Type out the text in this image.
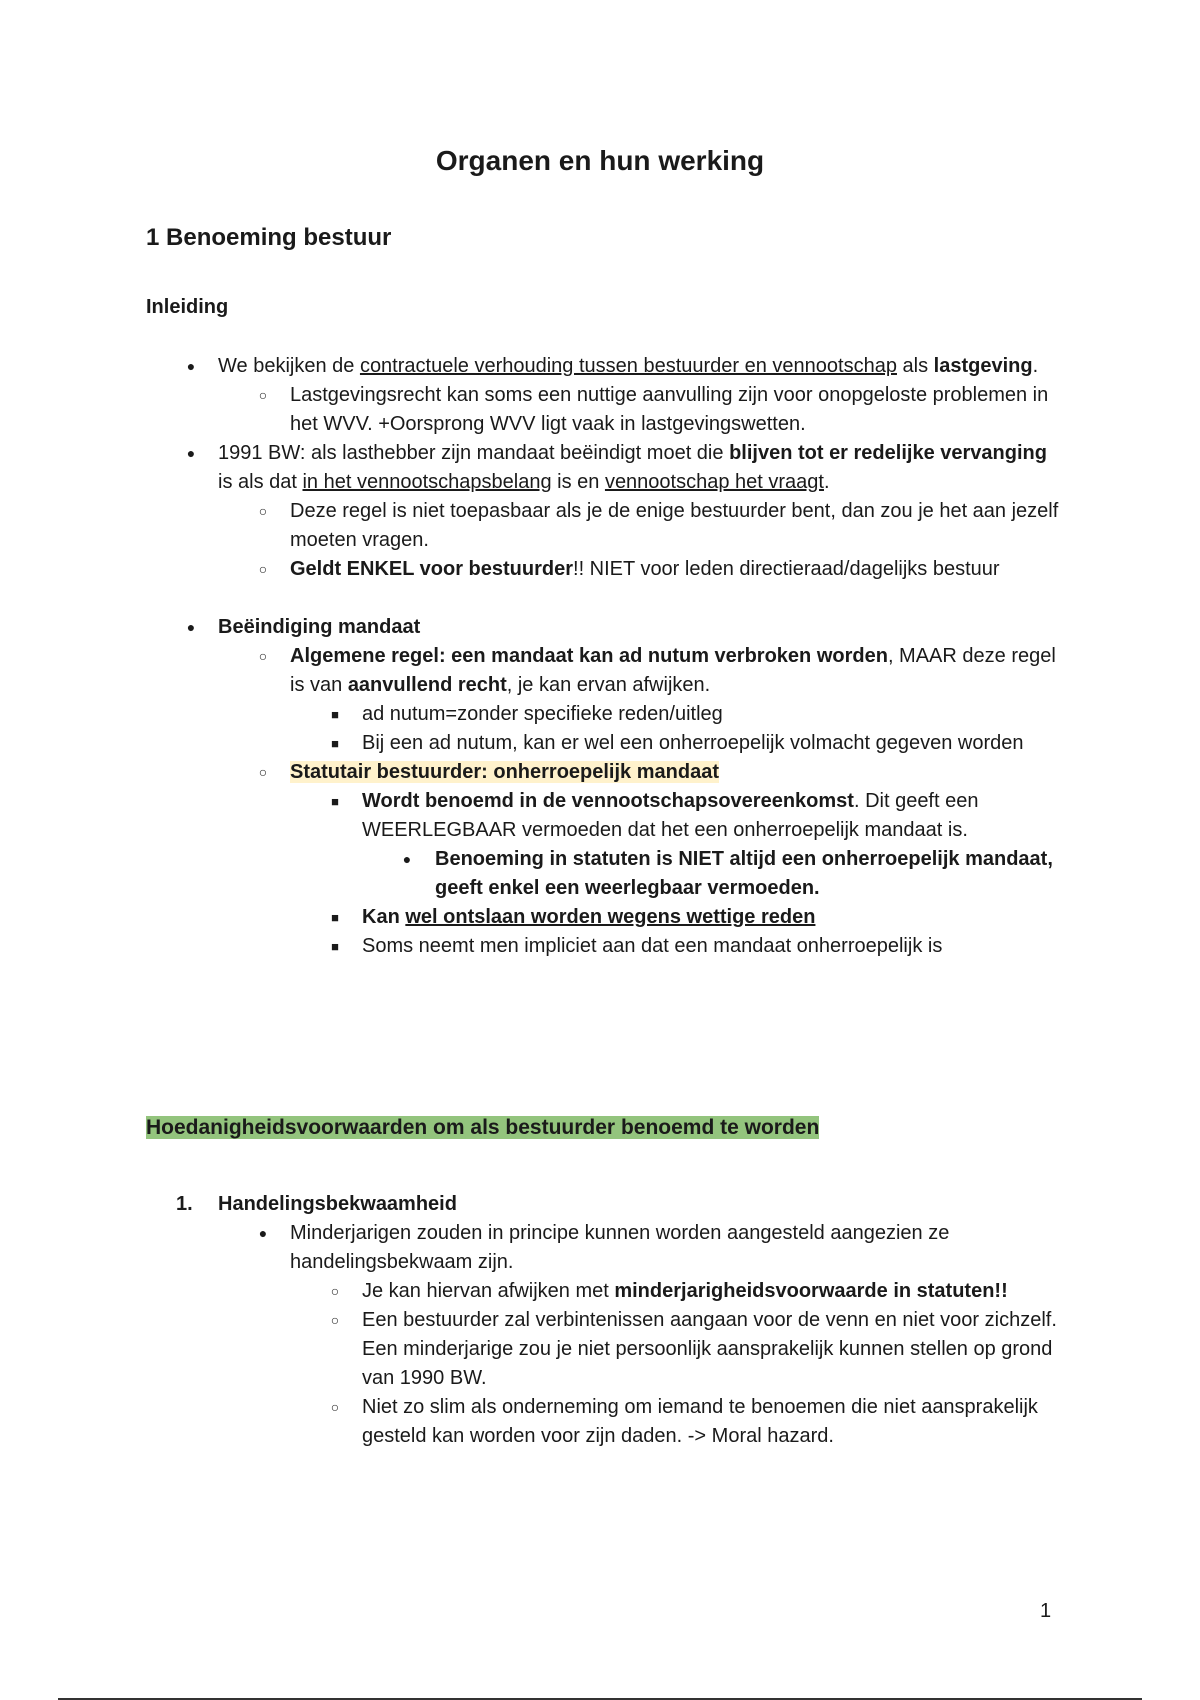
Organen en hun werking
1 Benoeming bestuur
Inleiding
●
We bekijken de contractuele verhouding tussen bestuurder en vennootschap als lastgeving.
○
Lastgevingsrecht kan soms een nuttige aanvulling zijn voor onopgeloste problemen in het WVV. +Oorsprong WVV ligt vaak in lastgevingswetten.
●
1991 BW: als lasthebber zijn mandaat beëindigt moet die blijven tot er redelijke vervanging is als dat in het vennootschapsbelang is en vennootschap het vraagt.
○
Deze regel is niet toepasbaar als je de enige bestuurder bent, dan zou je het aan jezelf moeten vragen.
○
Geldt ENKEL voor bestuurder!! NIET voor leden directieraad/dagelijks bestuur
●
Beëindiging mandaat
○
Algemene regel: een mandaat kan ad nutum verbroken worden, MAAR deze regel is van aanvullend recht, je kan ervan afwijken.
■
ad nutum=zonder specifieke reden/uitleg
■
Bij een ad nutum, kan er wel een onherroepelijk volmacht gegeven worden
○
Statutair bestuurder: onherroepelijk mandaat
■
Wordt benoemd in de vennootschapsovereenkomst. Dit geeft een WEERLEGBAAR vermoeden dat het een onherroepelijk mandaat is.
●
Benoeming in statuten is NIET altijd een onherroepelijk mandaat, geeft enkel een weerlegbaar vermoeden.
■
Kan wel ontslaan worden wegens wettige reden
■
Soms neemt men impliciet aan dat een mandaat onherroepelijk is
Hoedanigheidsvoorwaarden om als bestuurder benoemd te worden
1.	Handelingsbekwaamheid
●
Minderjarigen zouden in principe kunnen worden aangesteld aangezien ze handelingsbekwaam zijn.
○
Je kan hiervan afwijken met minderjarigheidsvoorwaarde in statuten!!
○
Een bestuurder zal verbintenissen aangaan voor de venn en niet voor zichzelf. Een minderjarige zou je niet persoonlijk aansprakelijk kunnen stellen op grond van 1990 BW.
○
Niet zo slim als onderneming om iemand te benoemen die niet aansprakelijk gesteld kan worden voor zijn daden. -> Moral hazard.
1
